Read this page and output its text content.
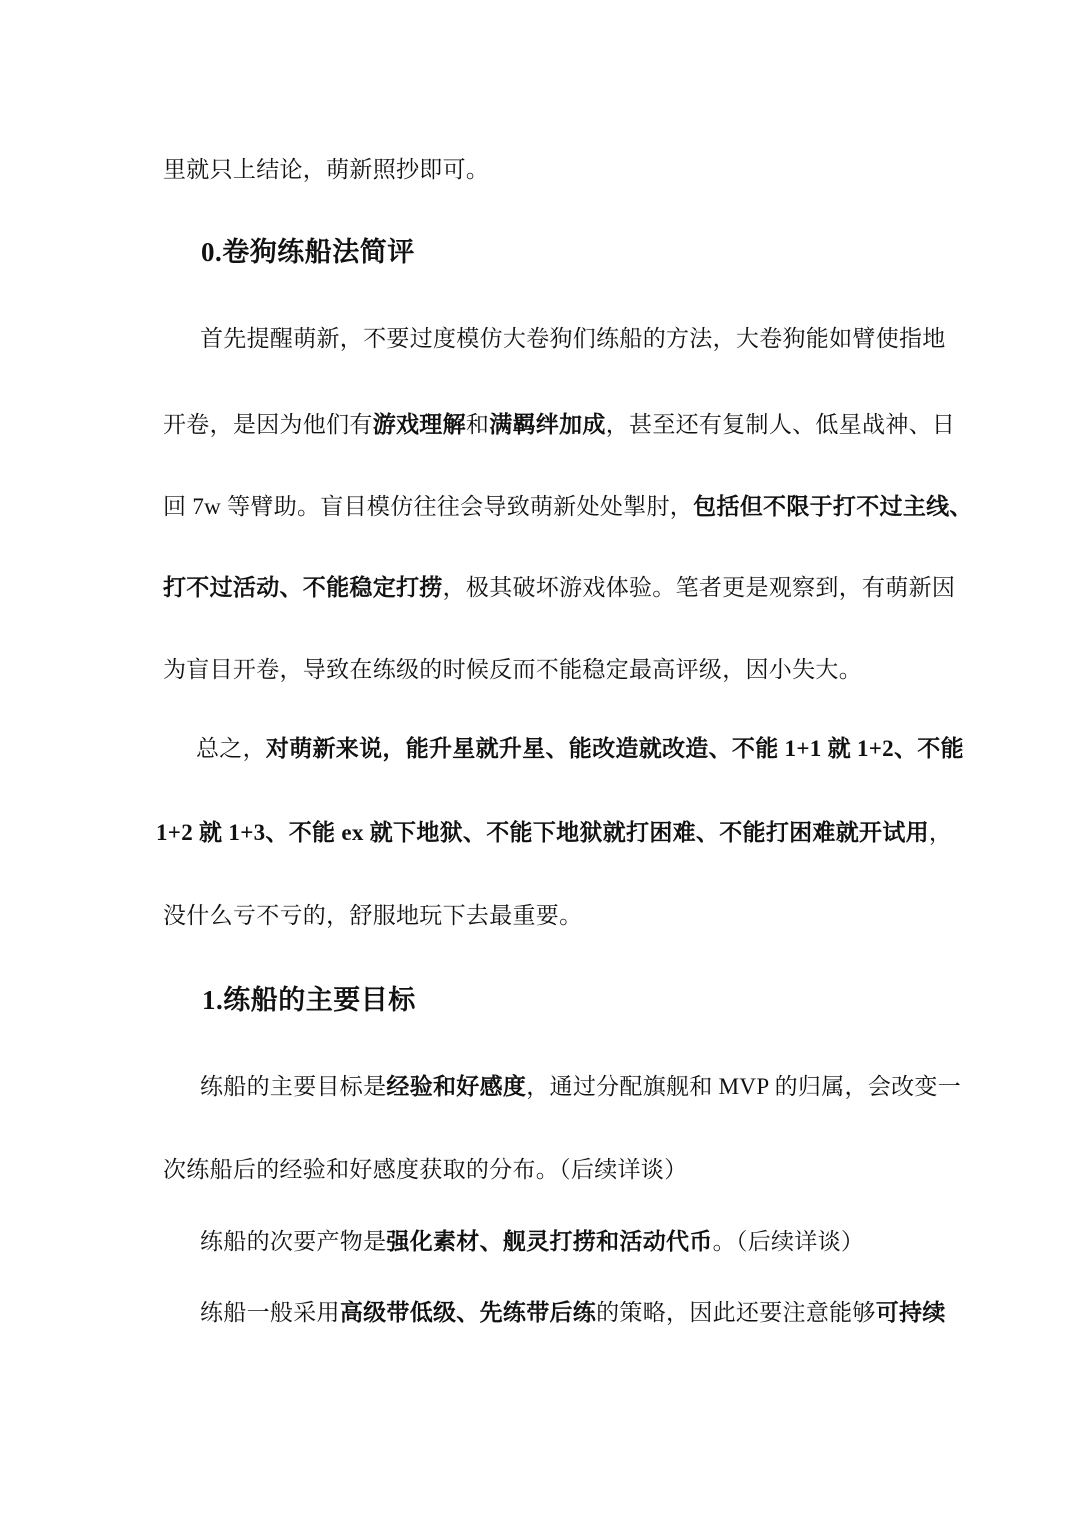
里就只上结论，萌新照抄即可。
0.卷狗练船法简评
首先提醒萌新，不要过度模仿大卷狗们练船的方法，大卷狗能如臂使指地
开卷，是因为他们有游戏理解和满羁绊加成，甚至还有复制人、低星战神、日
回 7w 等臂助。盲目模仿往往会导致萌新处处掣肘，包括但不限于打不过主线、
打不过活动、不能稳定打捞，极其破坏游戏体验。笔者更是观察到，有萌新因
为盲目开卷，导致在练级的时候反而不能稳定最高评级，因小失大。
总之，对萌新来说，能升星就升星、能改造就改造、不能 1+1 就 1+2、不能
1+2 就 1+3、不能 ex 就下地狱、不能下地狱就打困难、不能打困难就开试用，
没什么亏不亏的，舒服地玩下去最重要。
1.练船的主要目标
练船的主要目标是经验和好感度，通过分配旗舰和 MVP 的归属，会改变一
次练船后的经验和好感度获取的分布。（后续详谈）
练船的次要产物是强化素材、舰灵打捞和活动代币。（后续详谈）
练船一般采用高级带低级、先练带后练的策略，因此还要注意能够可持续
